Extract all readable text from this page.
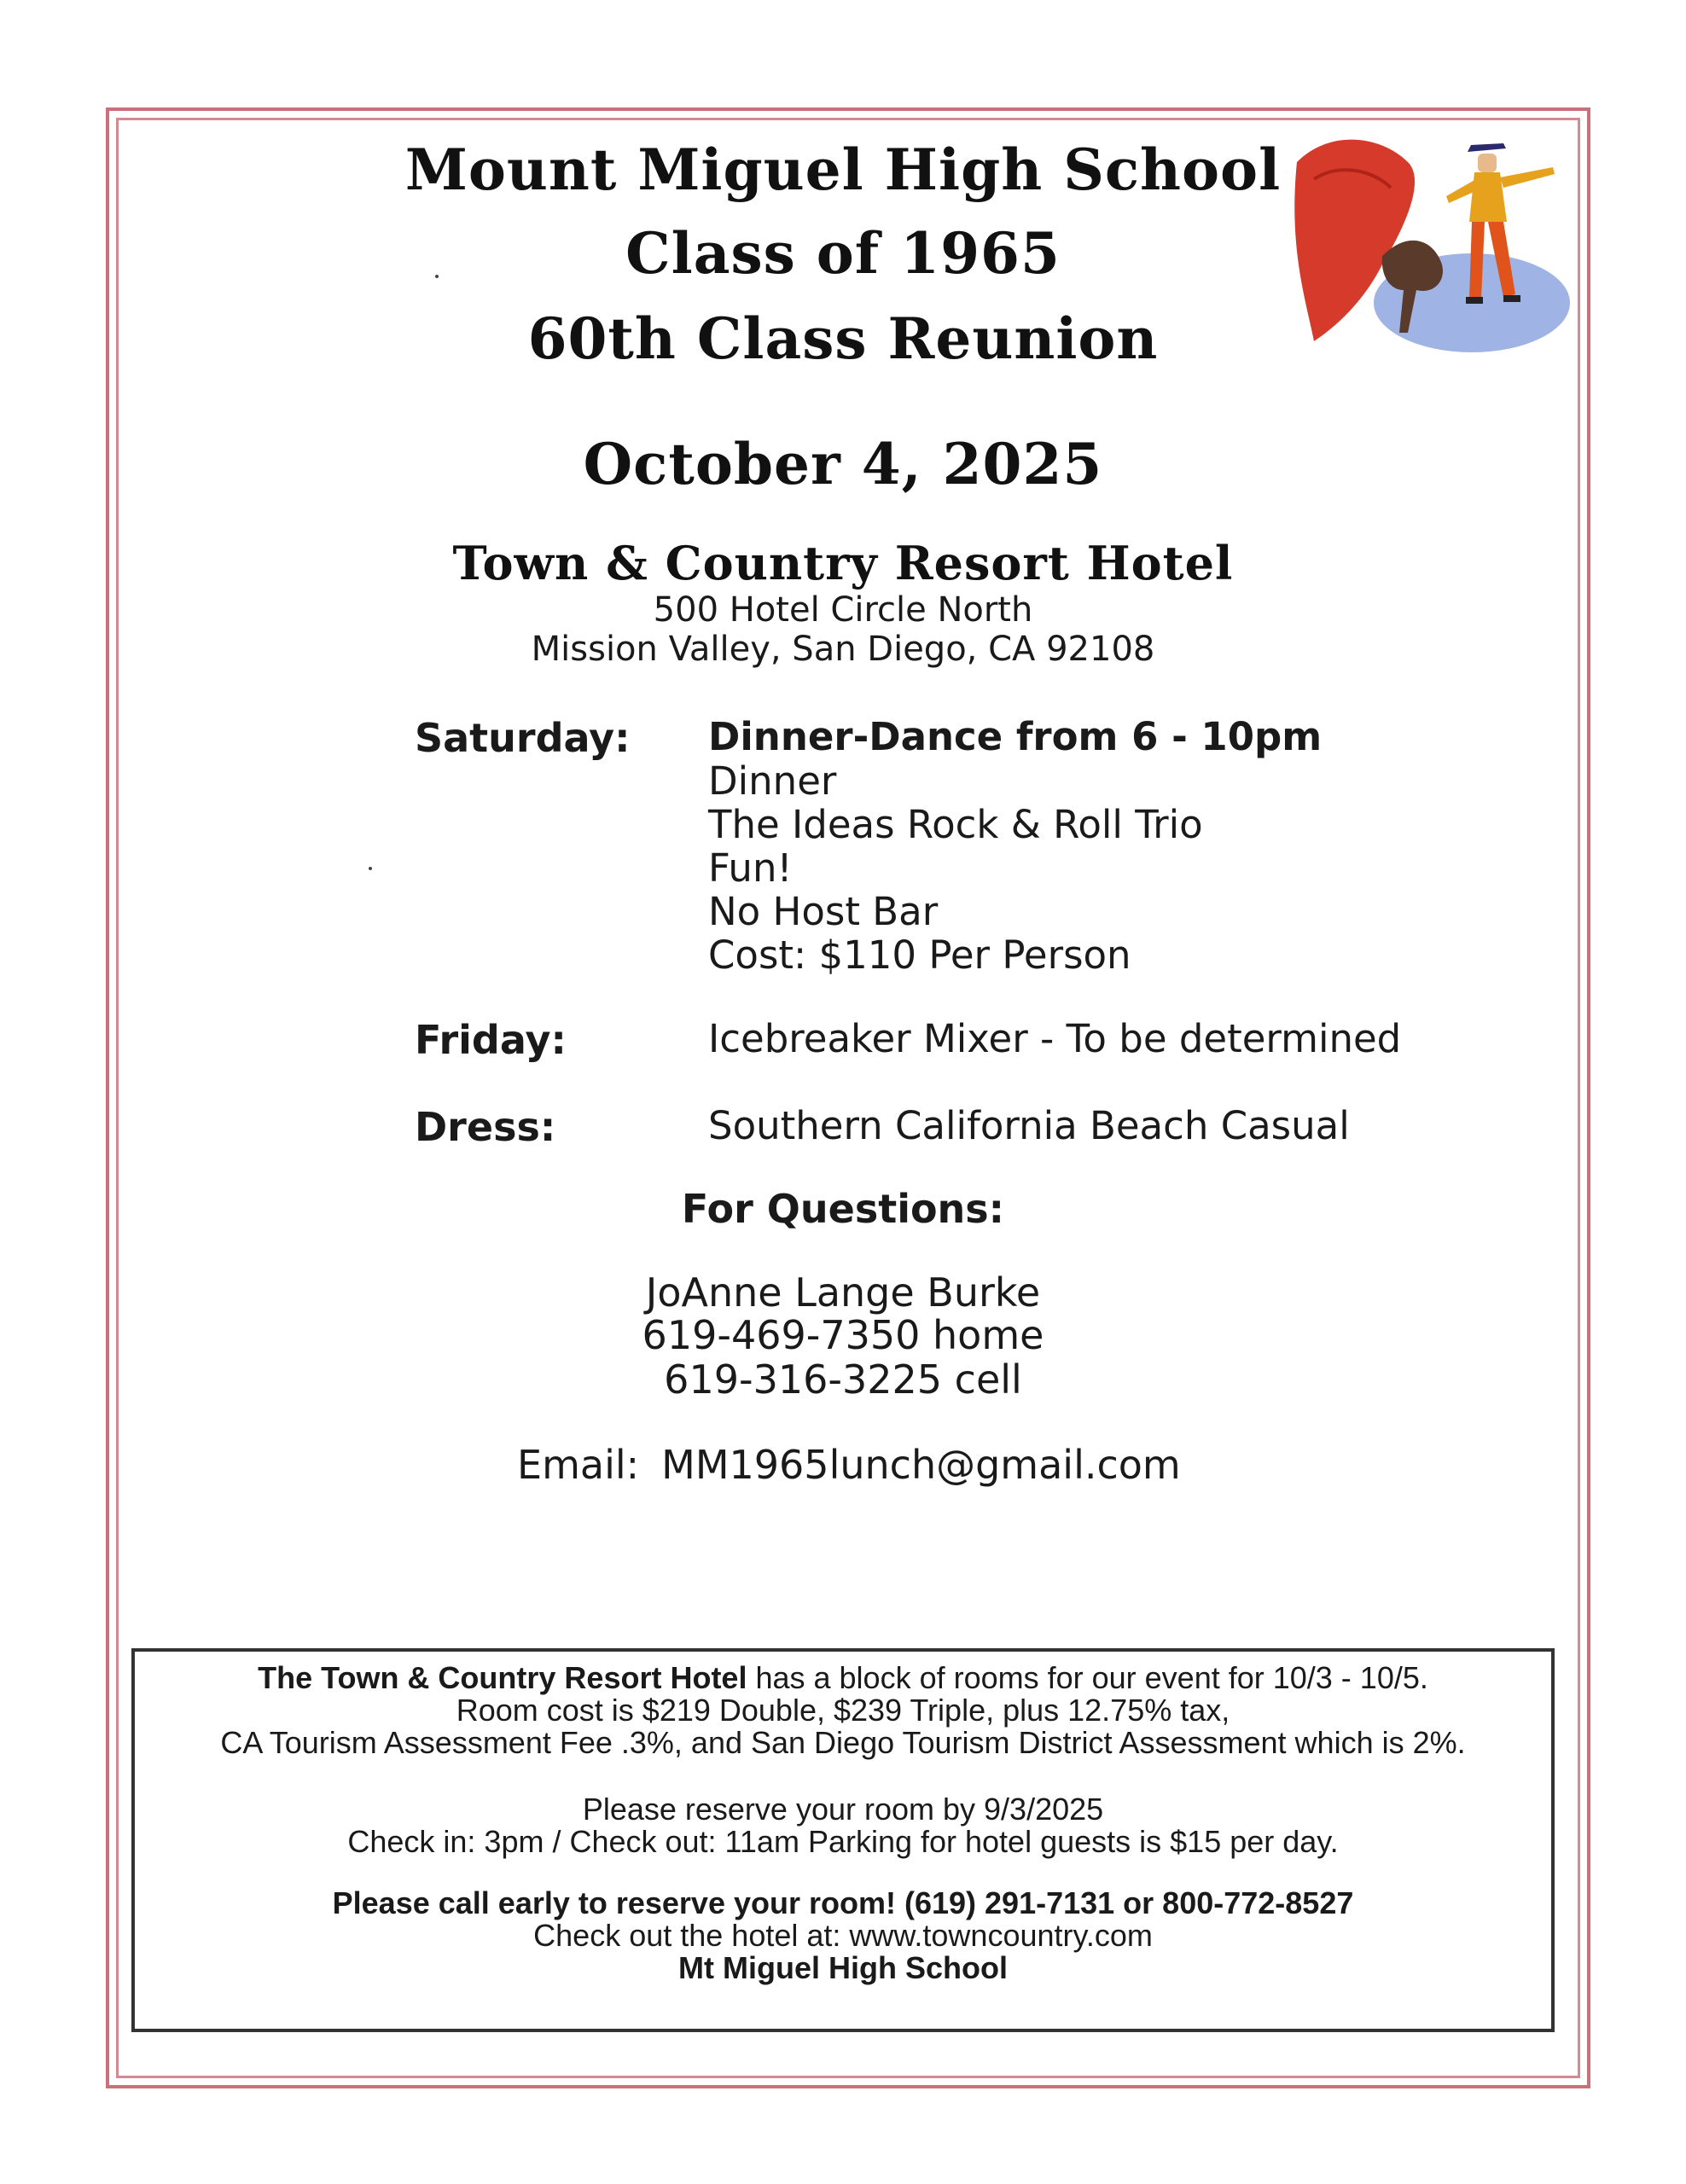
Mount Miguel High School
Class of 1965
60th Class Reunion
October 4, 2025
Town & Country Resort Hotel
500 Hotel Circle North
Mission Valley, San Diego, CA 92108
Saturday: Dinner-Dance from 6 - 10pm
Dinner
The Ideas Rock & Roll Trio
Fun!
No Host Bar
Cost: $110 Per Person
Friday:	Icebreaker Mixer - To be determined
Dress:	Southern California Beach Casual
For Questions:
JoAnne Lange Burke
619-469-7350 home
619-316-3225 cell
Email: MM1965lunch@gmail.com
The Town & Country Resort Hotel has a block of rooms for our event for 10/3 - 10/5.
Room cost is $219 Double, $239 Triple, plus 12.75% tax,
CA Tourism Assessment Fee .3%, and San Diego Tourism District Assessment which is 2%.
Please reserve your room by 9/3/2025
Check in: 3pm / Check out: 11am Parking for hotel guests is $15 per day.
Please call early to reserve your room! (619) 291-7131 or 800-772-8527
Check out the hotel at: www.towncountry.com
Mt Miguel High School
